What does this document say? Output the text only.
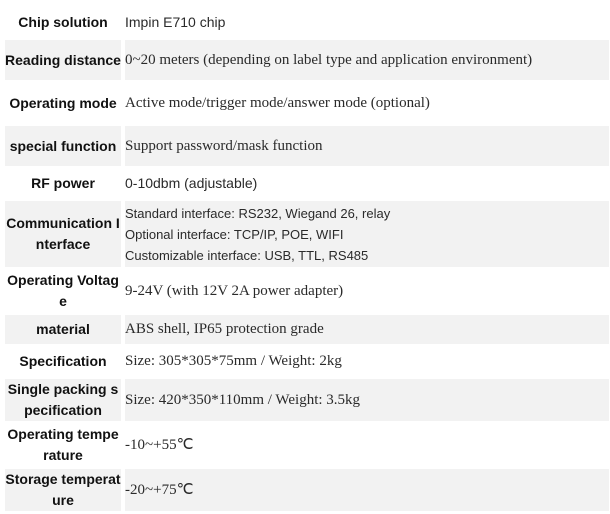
Chip solution	Impin E710 chip
Reading distance	0~20 meters (depending on label type and application environment)
Operating mode	Active mode/trigger mode/answer mode (optional)
special function	Support password/mask function
RF power	0-10dbm (adjustable)
Communication Interface	Standard interface: RS232, Wiegand 26, relay
Optional interface: TCP/IP, POE, WIFI
Customizable interface: USB, TTL, RS485

Operating Voltage	9-24V (with 12V 2A power adapter)
material	ABS shell, IP65 protection grade
Specification	Size: 305*305*75mm / Weight: 2kg
Single packing specification	Size: 420*350*110mm / Weight: 3.5kg
Operating temperature	-10~+55℃
Storage temperature	-20~+75℃
